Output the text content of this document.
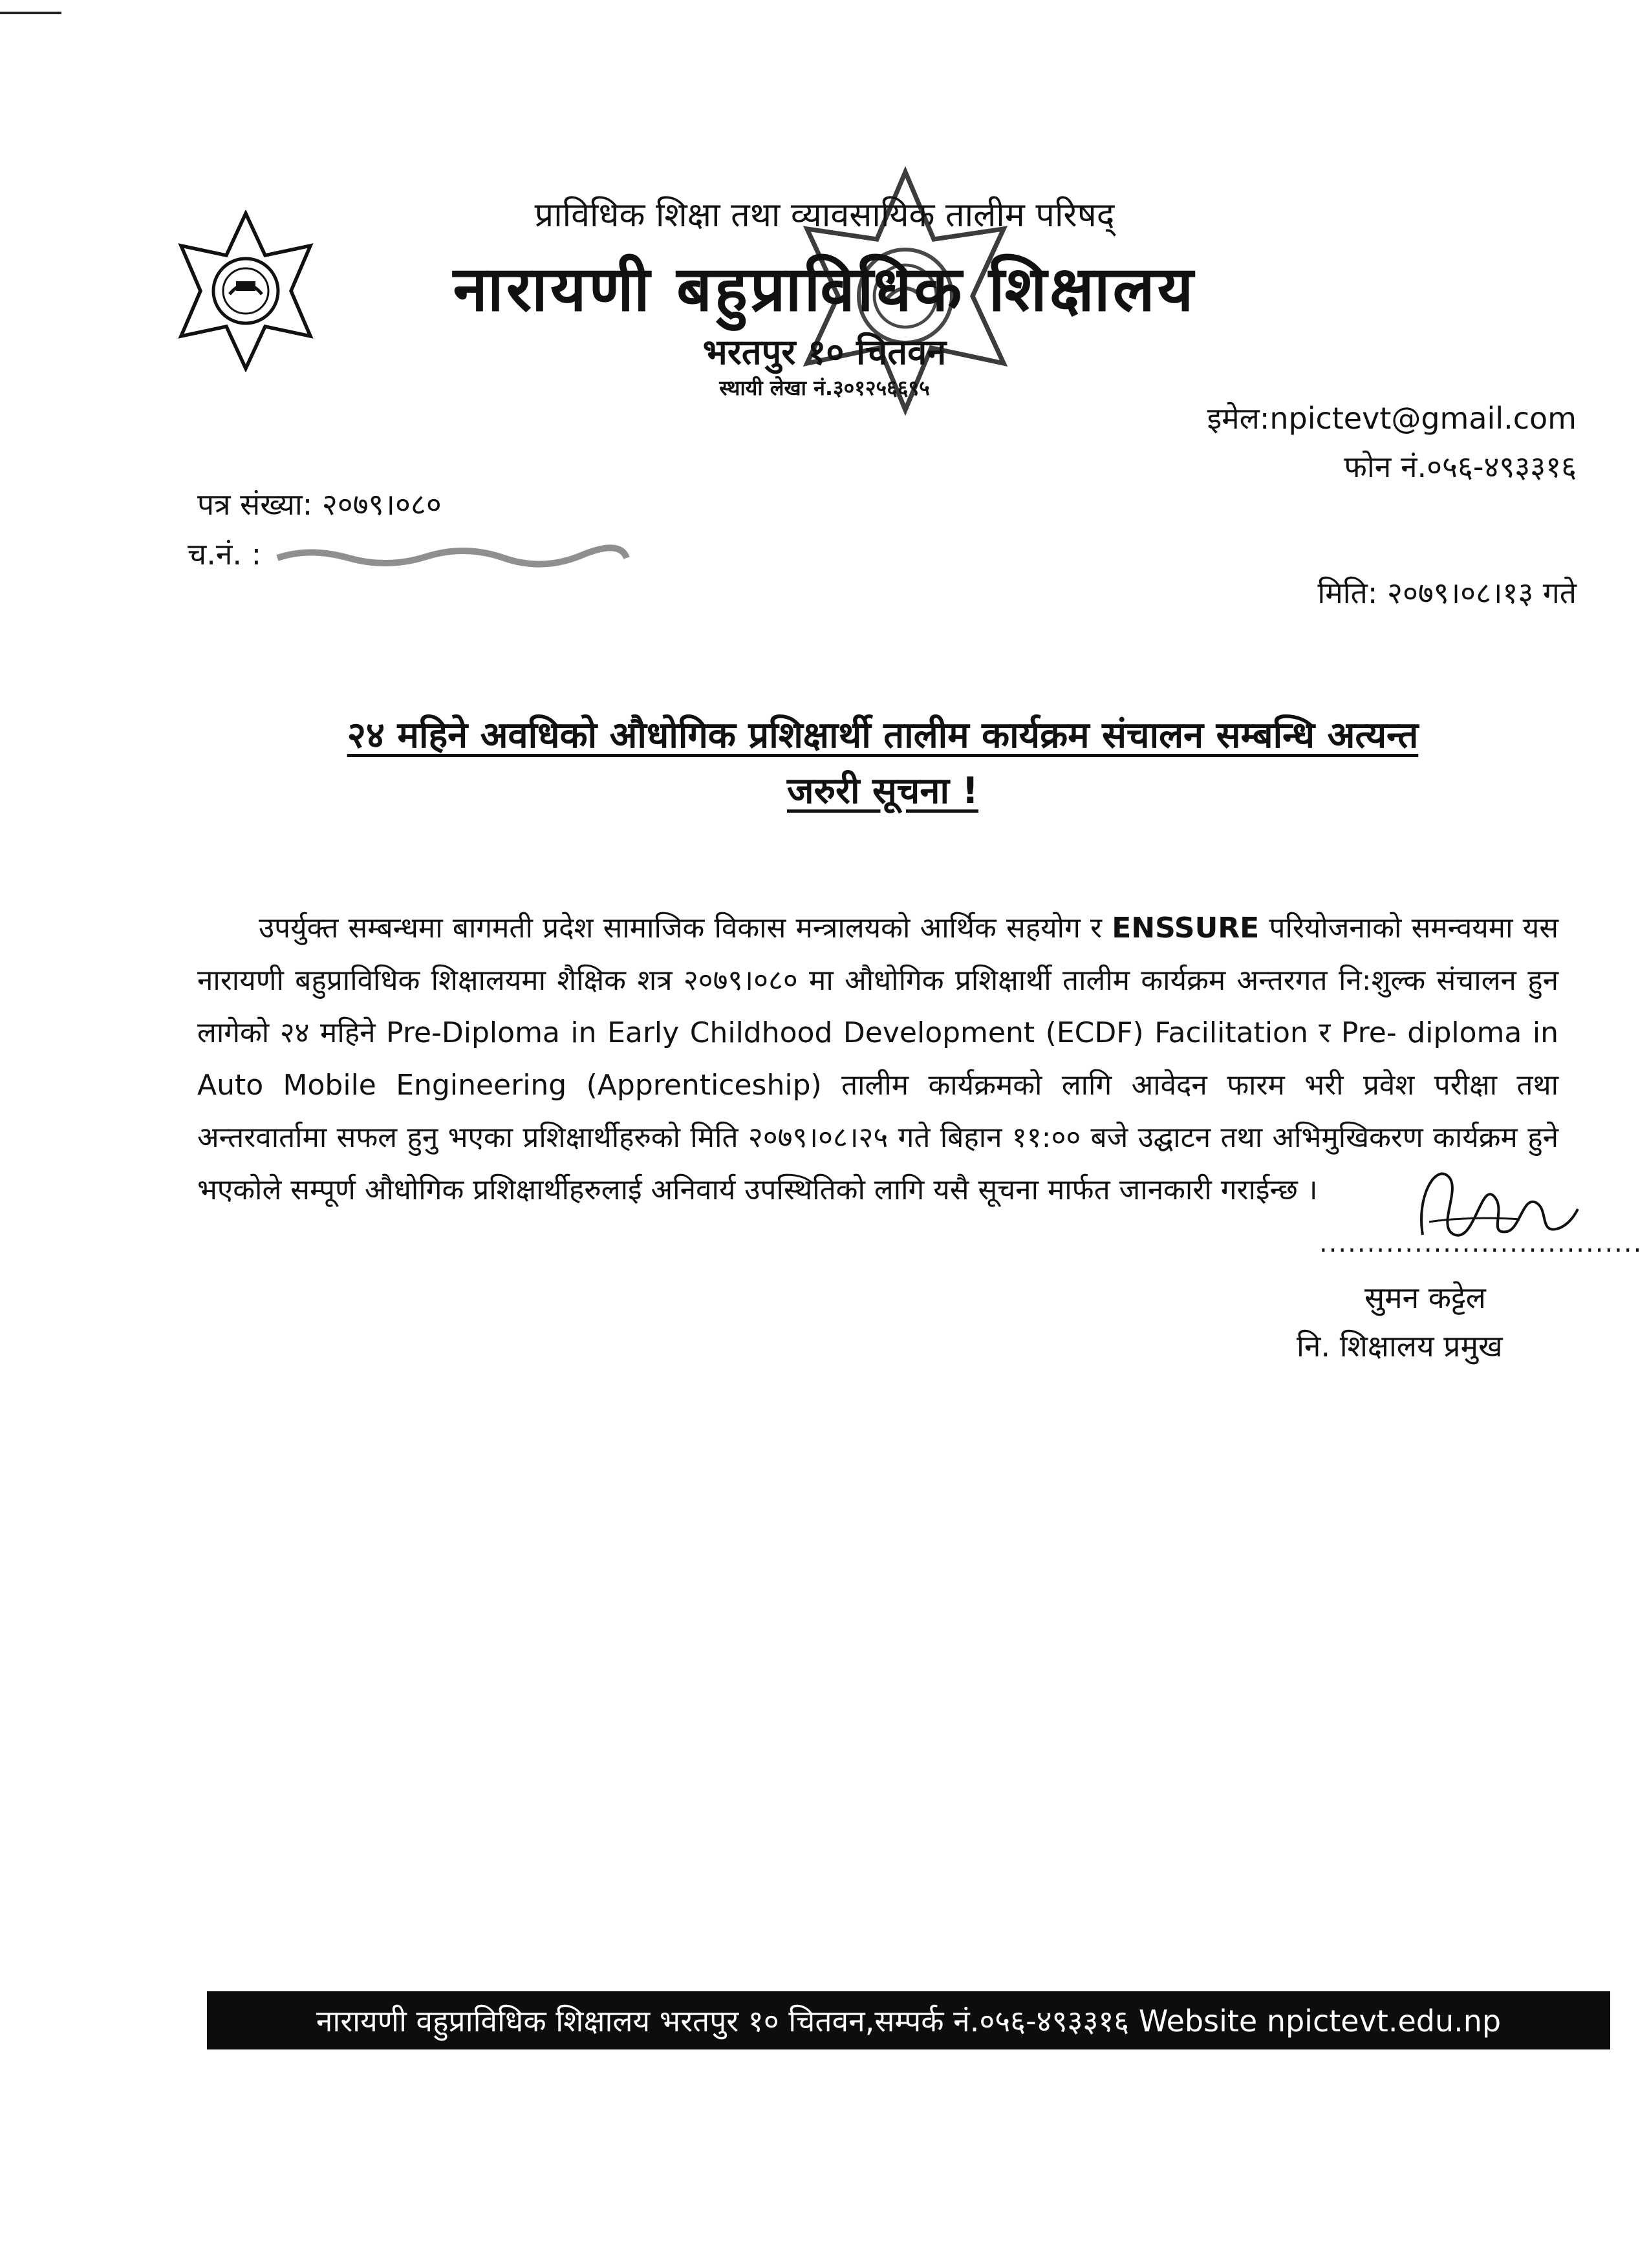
प्राविधिक शिक्षा तथा व्यावसायिक तालीम परिषद्
नारायणी बहुप्राविधिक शिक्षालय
भरतपुर १० चितवन
स्थायी लेखा नं.३०१२५६६९५
इमेल:npictevt@gmail.com
फोन नं.०५६-४९३३१६
पत्र संख्या: २०७९।०८०
च.नं. :
मिति: २०७९।०८।१३ गते
२४ महिने अवधिको औधोगिक प्रशिक्षार्थी तालीम कार्यक्रम संचालन सम्बन्धि अत्यन्त
जरुरी सूचना !
उपर्युक्त सम्बन्धमा बागमती प्रदेश सामाजिक विकास मन्त्रालयको आर्थिक सहयोग र ENSSURE परियोजनाको समन्वयमा यस नारायणी बहुप्राविधिक शिक्षालयमा शैक्षिक शत्र २०७९।०८० मा औधोगिक प्रशिक्षार्थी तालीम कार्यक्रम अन्तरगत नि:शुल्क संचालन हुन लागेको २४ महिने Pre-Diploma in Early Childhood Development (ECDF) Facilitation र Pre- diploma in Auto Mobile Engineering (Apprenticeship) तालीम कार्यक्रमको लागि आवेदन फारम भरी प्रवेश परीक्षा तथा अन्तरवार्तामा सफल हुनु भएका प्रशिक्षार्थीहरुको मिति २०७९।०८।२५ गते बिहान ११:०० बजे उद्घाटन तथा अभिमुखिकरण कार्यक्रम हुने भएकोले सम्पूर्ण औधोगिक प्रशिक्षार्थीहरुलाई अनिवार्य उपस्थितिको लागि यसै सूचना मार्फत जानकारी गराईन्छ ।
..................................
सुमन कट्टेल
नि. शिक्षालय प्रमुख
नारायणी वहुप्राविधिक शिक्षालय भरतपुर १० चितवन,सम्पर्क नं.०५६-४९३३१६ Website npictevt.edu.np
